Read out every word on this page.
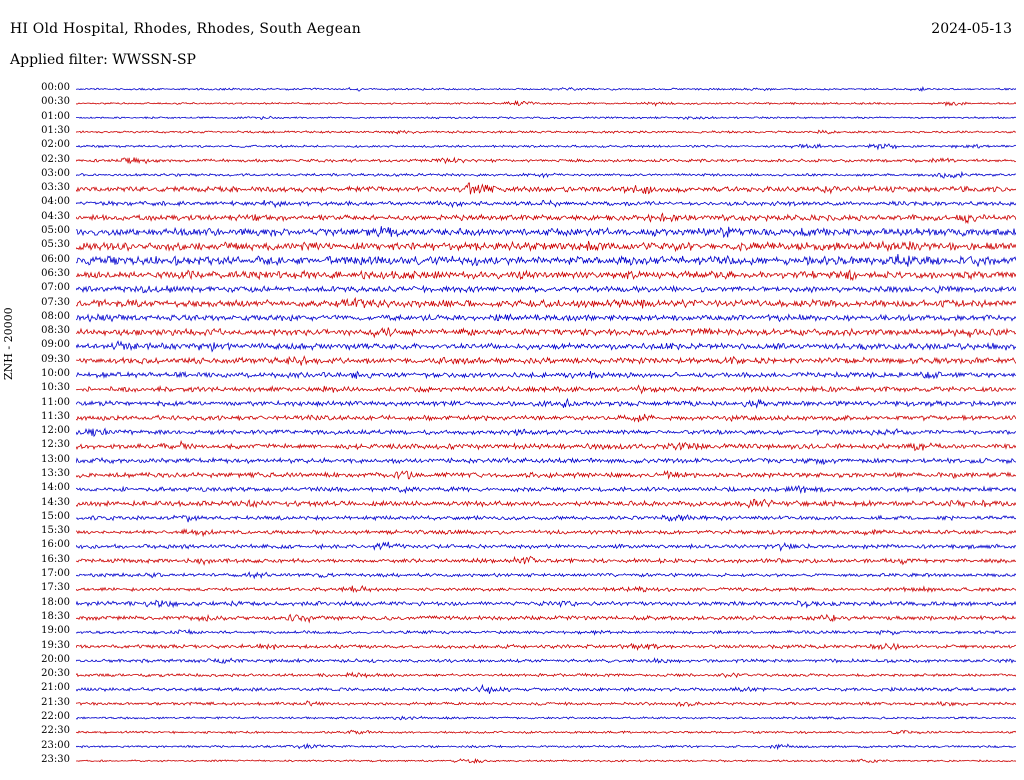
HI Old Hospital, Rhodes, Rhodes, South Aegean	2024-05-13
Applied filter: WWSSN-SP
ZNH - 20000
00:00
00:30
01:00
01:30
02:00
02:30
03:00
03:30
04:00
04:30
05:00
05:30
06:00
06:30
07:00
07:30
08:00
08:30
09:00
09:30
10:00
10:30
11:00
11:30
12:00
12:30
13:00
13:30
14:00
14:30
15:00
15:30
16:00
16:30
17:00
17:30
18:00
18:30
19:00
19:30
20:00
20:30
21:00
21:30
22:00
22:30
23:00
23:30
